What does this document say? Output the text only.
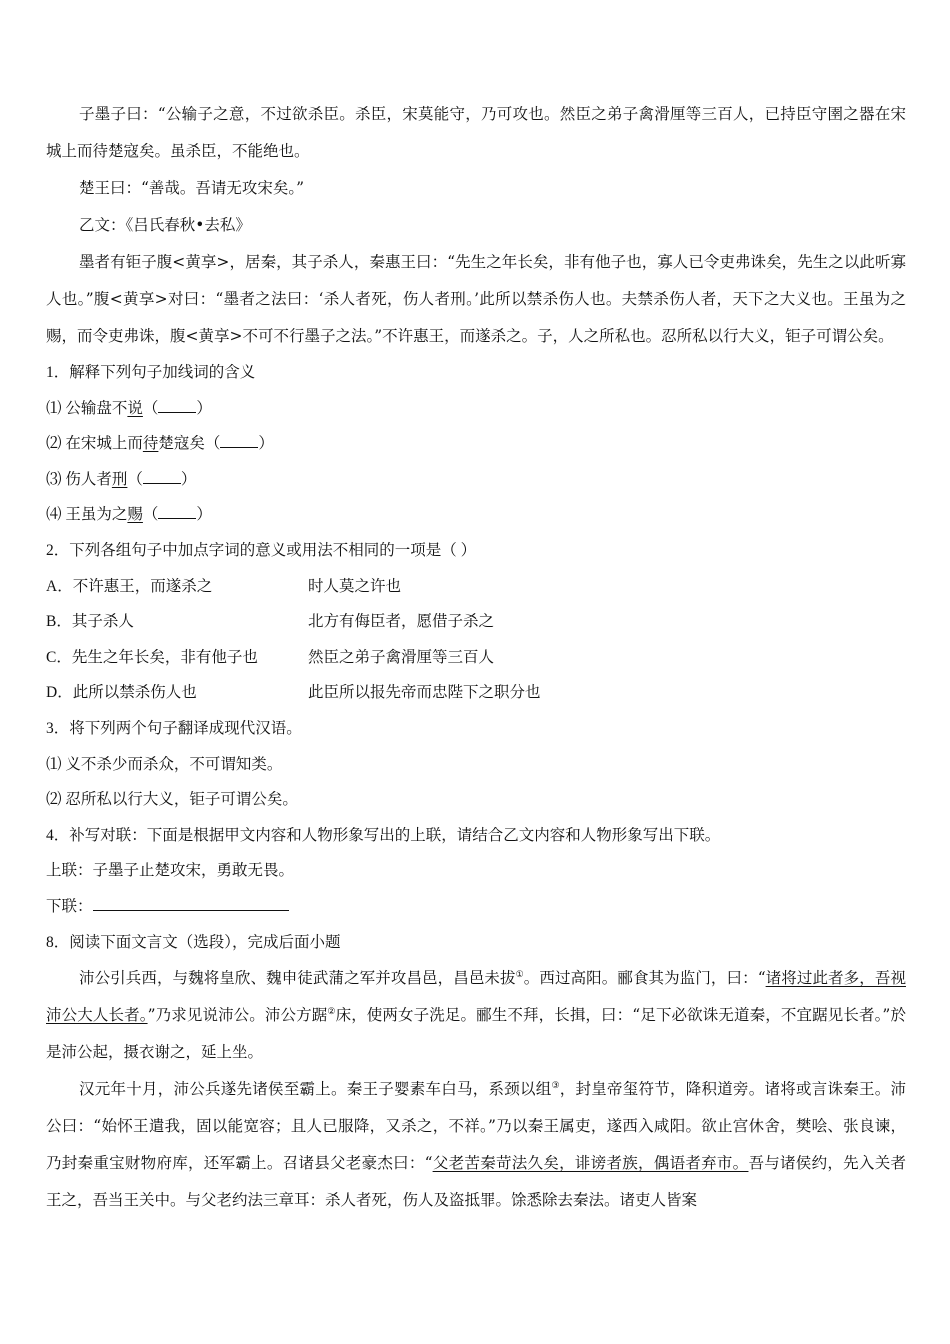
子墨子曰：“公输子之意，不过欲杀臣。杀臣，宋莫能守，乃可攻也。然臣之弟子禽滑厘等三百人，已持臣守圉之器在宋城上而待楚寇矣。虽杀臣，不能绝也。

楚王曰：“善哉。吾请无攻宋矣。”

乙文：《吕氏春秋•去私》

墨者有钜子腹<黄享>，居秦，其子杀人，秦惠王曰：“先生之年长矣，非有他子也，寡人已令吏弗诛矣，先生之以此听寡人也。”腹<黄享>对曰：“墨者之法曰：‘杀人者死，伤人者刑。’此所以禁杀伤人也。夫禁杀伤人者，天下之大义也。王虽为之赐，而令吏弗诛，腹<黄享>不可不行墨子之法。”不许惠王，而遂杀之。子，人之所私也。忍所私以行大义，钜子可谓公矣。

1．解释下列句子加线词的含义

⑴ 公输盘不说（ ）

⑵ 在宋城上而待楚寇矣（ ）

⑶ 伤人者刑（ ）

⑷ 王虽为之赐（ ）

2．下列各组句子中加点字词的意义或用法不相同的一项是（ ）

A．不许惠王，而遂杀之	时人莫之许也
B．其子杀人	北方有侮臣者，愿借子杀之
C．先生之年长矣，非有他子也	然臣之弟子禽滑厘等三百人
D．此所以禁杀伤人也	此臣所以报先帝而忠陛下之职分也

3．将下列两个句子翻译成现代汉语。

⑴ 义不杀少而杀众，不可谓知类。

⑵ 忍所私以行大义，钜子可谓公矣。

4．补写对联：下面是根据甲文内容和人物形象写出的上联，请结合乙文内容和人物形象写出下联。

上联：子墨子止楚攻宋，勇敢无畏。

下联：

8．阅读下面文言文（选段），完成后面小题

沛公引兵西，与魏将皇欣、魏申徒武蒲之军并攻昌邑，昌邑未拔①。西过高阳。郦食其为监门，曰：“诸将过此者多，吾视沛公大人长者。”乃求见说沛公。沛公方踞②床，使两女子洗足。郦生不拜，长揖，曰：“足下必欲诛无道秦，不宜踞见长者。”於是沛公起，摄衣谢之，延上坐。

汉元年十月，沛公兵遂先诸侯至霸上。秦王子婴素车白马，系颈以组③，封皇帝玺符节，降积道旁。诸将或言诛秦王。沛公曰：“始怀王遣我，固以能宽容；且人已服降，又杀之，不祥。”乃以秦王属吏，遂西入咸阳。欲止宫休舍，樊哙、张良谏，乃封秦重宝财物府库，还军霸上。召诸县父老豪杰曰：“父老苦秦苛法久矣，诽谤者族，偶语者弃市。吾与诸侯约，先入关者王之，吾当王关中。与父老约法三章耳：杀人者死，伤人及盗抵罪。馀悉除去秦法。诸吏人皆案
